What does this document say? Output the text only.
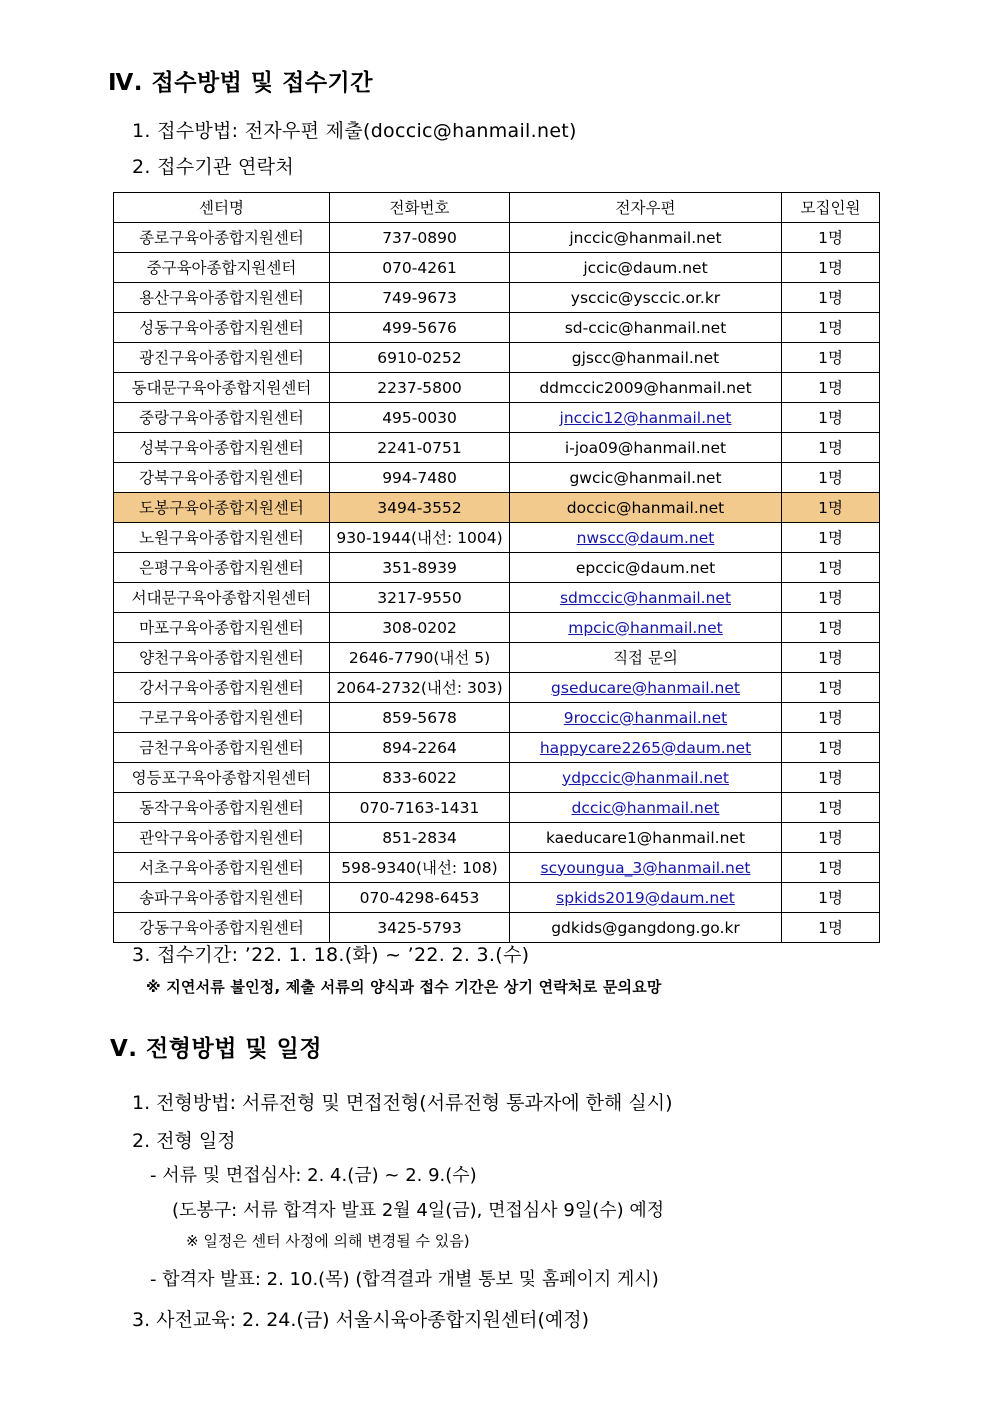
Ⅳ. 접수방법 및 접수기간
1. 접수방법: 전자우편 제출(doccic@hanmail.net)
2. 접수기관 연락처
센터명	전화번호	전자우편	모집인원
종로구육아종합지원센터	737-0890	jnccic@hanmail.net	1명
중구육아종합지원센터	070-4261	jccic@daum.net	1명
용산구육아종합지원센터	749-9673	ysccic@ysccic.or.kr	1명
성동구육아종합지원센터	499-5676	sd-ccic@hanmail.net	1명
광진구육아종합지원센터	6910-0252	gjscc@hanmail.net	1명
동대문구육아종합지원센터	2237-5800	ddmccic2009@hanmail.net	1명
중랑구육아종합지원센터	495-0030	jnccic12@hanmail.net	1명
성북구육아종합지원센터	2241-0751	i-joa09@hanmail.net	1명
강북구육아종합지원센터	994-7480	gwcic@hanmail.net	1명
도봉구육아종합지원센터	3494-3552	doccic@hanmail.net	1명
노원구육아종합지원센터	930-1944(내선: 1004)	nwscc@daum.net	1명
은평구육아종합지원센터	351-8939	epccic@daum.net	1명
서대문구육아종합지원센터	3217-9550	sdmccic@hanmail.net	1명
마포구육아종합지원센터	308-0202	mpcic@hanmail.net	1명
양천구육아종합지원센터	2646-7790(내선 5)	직접 문의	1명
강서구육아종합지원센터	2064-2732(내선: 303)	gseducare@hanmail.net	1명
구로구육아종합지원센터	859-5678	9roccic@hanmail.net	1명
금천구육아종합지원센터	894-2264	happycare2265@daum.net	1명
영등포구육아종합지원센터	833-6022	ydpccic@hanmail.net	1명
동작구육아종합지원센터	070-7163-1431	dccic@hanmail.net	1명
관악구육아종합지원센터	851-2834	kaeducare1@hanmail.net	1명
서초구육아종합지원센터	598-9340(내선: 108)	scyoungua_3@hanmail.net	1명
송파구육아종합지원센터	070-4298-6453	spkids2019@daum.net	1명
강동구육아종합지원센터	3425-5793	gdkids@gangdong.go.kr	1명
3. 접수기간: ’22. 1. 18.(화) ~ ’22. 2. 3.(수)
※ 지연서류 불인정, 제출 서류의 양식과 접수 기간은 상기 연락처로 문의요망
Ⅴ. 전형방법 및 일정
1. 전형방법: 서류전형 및 면접전형(서류전형 통과자에 한해 실시)
2. 전형 일정
- 서류 및 면접심사: 2. 4.(금) ~ 2. 9.(수)
(도봉구: 서류 합격자 발표 2월 4일(금), 면접심사 9일(수) 예정
※ 일정은 센터 사정에 의해 변경될 수 있음)
- 합격자 발표: 2. 10.(목) (합격결과 개별 통보 및 홈페이지 게시)
3. 사전교육: 2. 24.(금) 서울시육아종합지원센터(예정)
